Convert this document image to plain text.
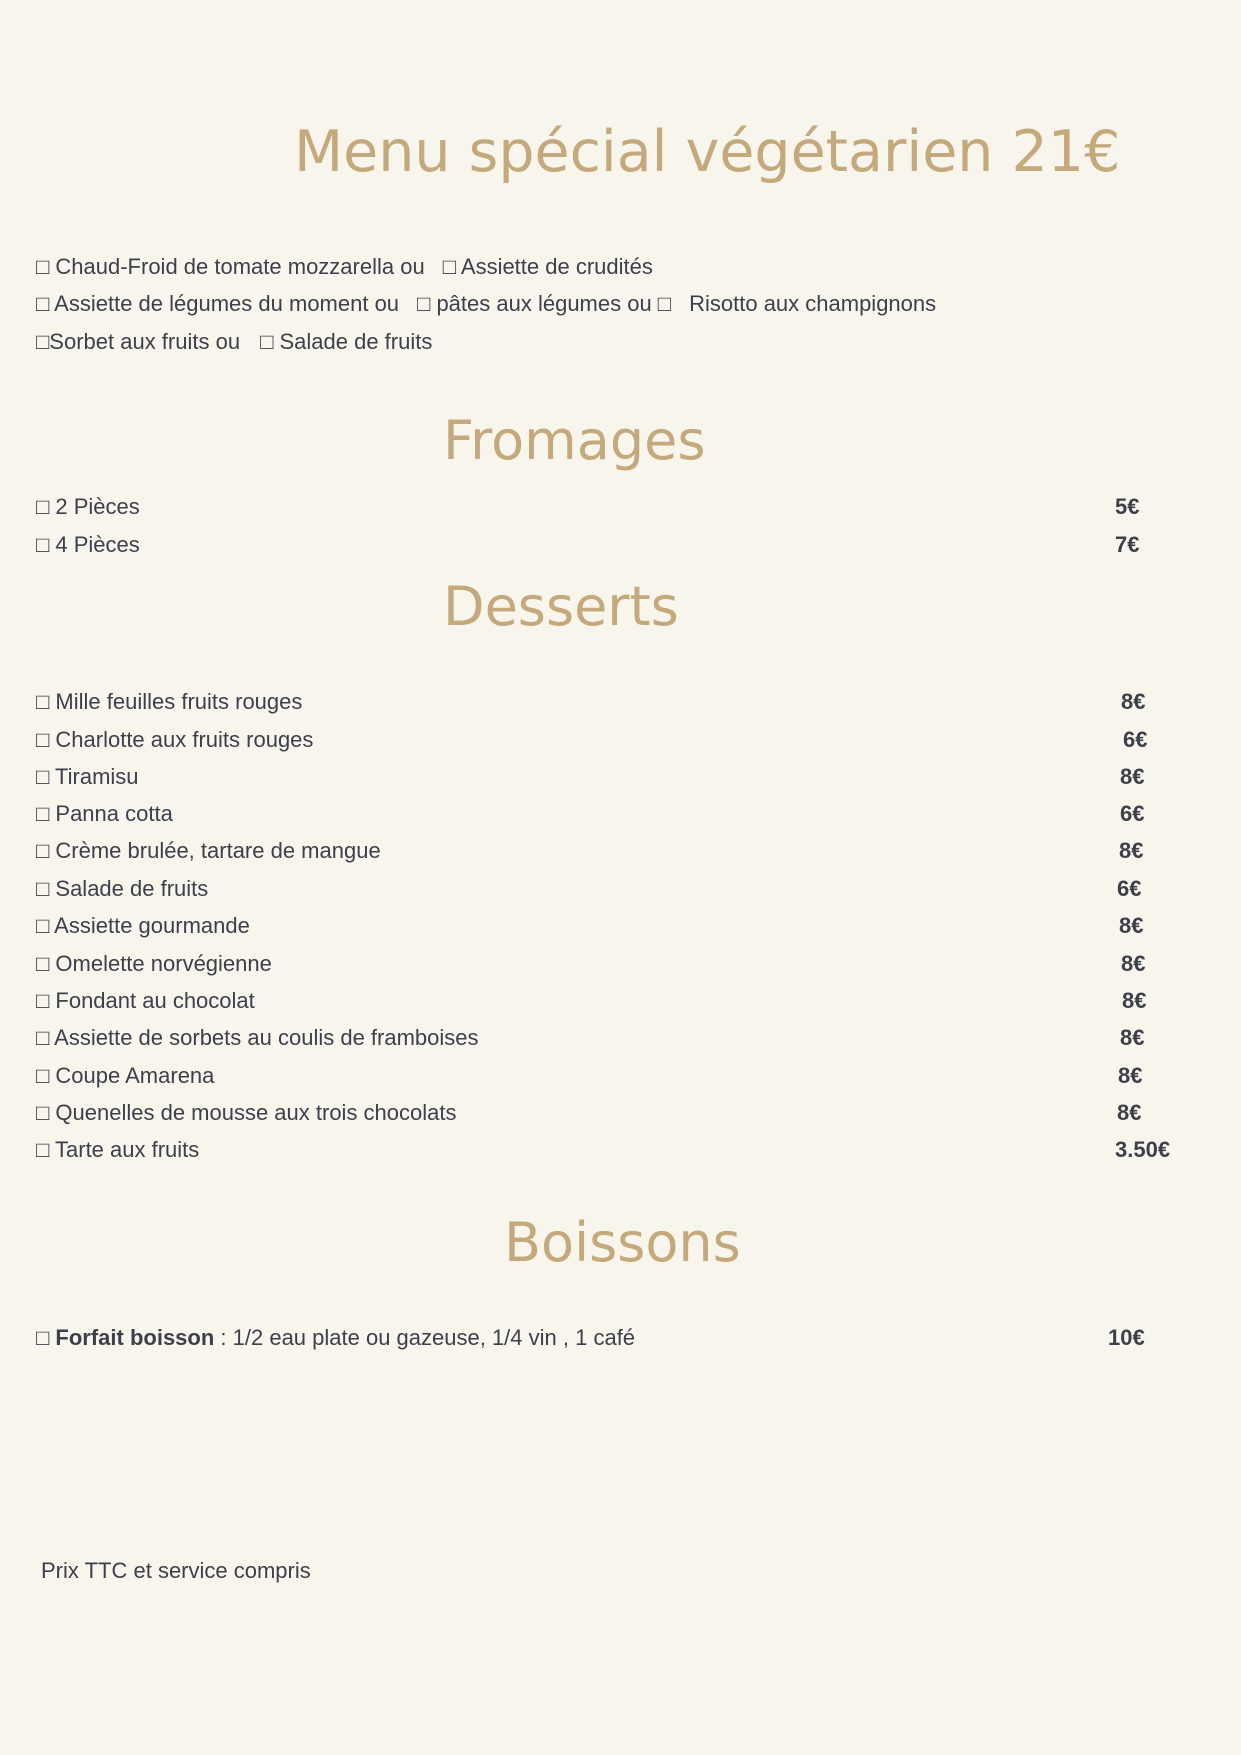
Menu spécial végétarien 21€
□ Chaud-Froid de tomate mozzarella ou □ Assiette de crudités
□ Assiette de légumes du moment ou □ pâtes aux légumes ou □ Risotto aux champignons
□Sorbet aux fruits ou □ Salade de fruits
Fromages
□ 2 Pièces	5€
□ 4 Pièces	7€
Desserts
□ Mille feuilles fruits rouges	8€
□ Charlotte aux fruits rouges	6€
□ Tiramisu	8€
□ Panna cotta	6€
□ Crème brulée, tartare de mangue	8€
□ Salade de fruits	6€
□ Assiette gourmande	8€
□ Omelette norvégienne	8€
□ Fondant au chocolat	8€
□ Assiette de sorbets au coulis de framboises	8€
□ Coupe Amarena	8€
□ Quenelles de mousse aux trois chocolats	8€
□ Tarte aux fruits	3.50€
Boissons
□ Forfait boisson : 1/2 eau plate ou gazeuse, 1/4 vin , 1 café	10€
Prix TTC et service compris
